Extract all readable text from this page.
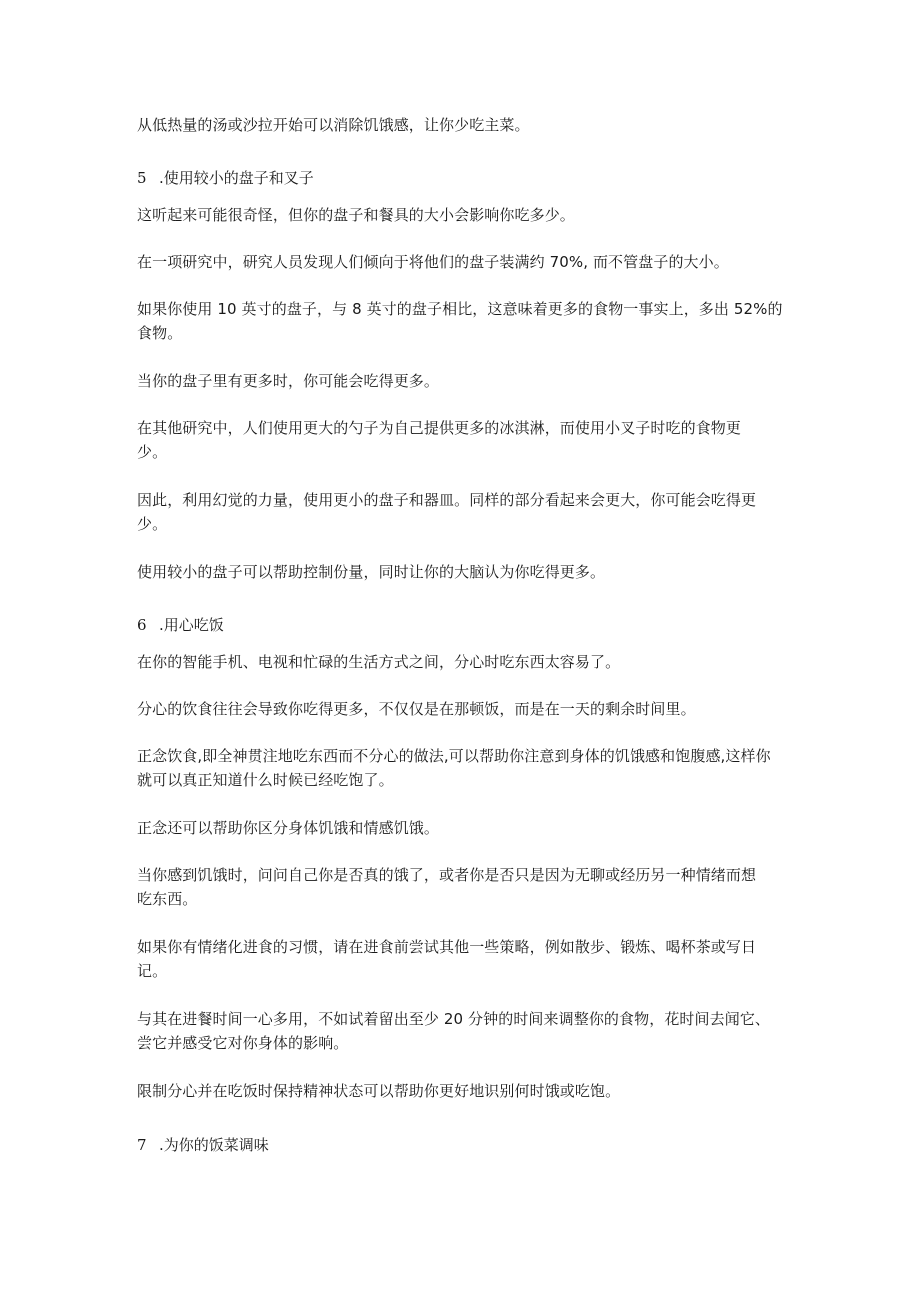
从低热量的汤或沙拉开始可以消除饥饿感，让你少吃主菜。
5 .使用较小的盘子和叉子
这听起来可能很奇怪，但你的盘子和餐具的大小会影响你吃多少。
在一项研究中，研究人员发现人们倾向于将他们的盘子装满约 70%, 而不管盘子的大小。
如果你使用 10 英寸的盘子，与 8 英寸的盘子相比，这意味着更多的食物一事实上，多出 52%的
食物。
当你的盘子里有更多时，你可能会吃得更多。
在其他研究中，人们使用更大的勺子为自己提供更多的冰淇淋，而使用小叉子时吃的食物更
少。
因此，利用幻觉的力量，使用更小的盘子和器皿。同样的部分看起来会更大，你可能会吃得更
少。
使用较小的盘子可以帮助控制份量，同时让你的大脑认为你吃得更多。
6 .用心吃饭
在你的智能手机、电视和忙碌的生活方式之间，分心时吃东西太容易了。
分心的饮食往往会导致你吃得更多，不仅仅是在那顿饭，而是在一天的剩余时间里。
正念饮食,即全神贯注地吃东西而不分心的做法,可以帮助你注意到身体的饥饿感和饱腹感,这样你
就可以真正知道什么时候已经吃饱了。
正念还可以帮助你区分身体饥饿和情感饥饿。
当你感到饥饿时，问问自己你是否真的饿了，或者你是否只是因为无聊或经历另一种情绪而想
吃东西。
如果你有情绪化进食的习惯，请在进食前尝试其他一些策略，例如散步、锻炼、喝杯茶或写日
记。
与其在进餐时间一心多用，不如试着留出至少 20 分钟的时间来调整你的食物，花时间去闻它、
尝它并感受它对你身体的影响。
限制分心并在吃饭时保持精神状态可以帮助你更好地识别何时饿或吃饱。
7 .为你的饭菜调味
